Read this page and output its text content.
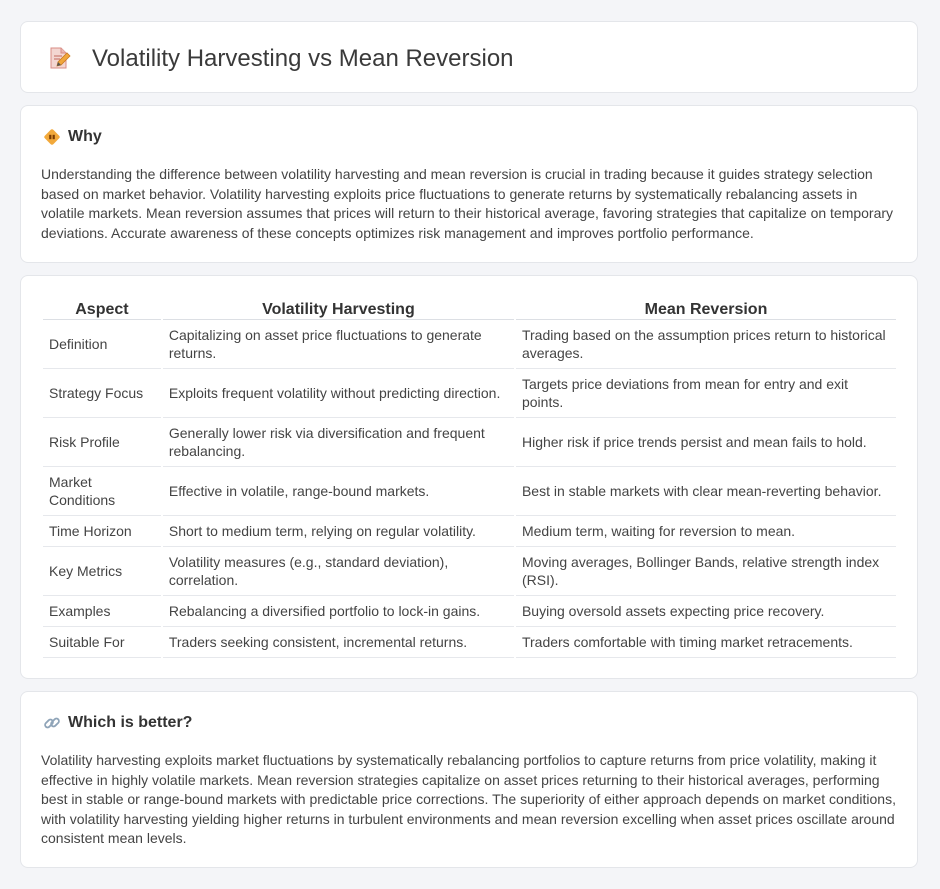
Volatility Harvesting vs Mean Reversion
Why

Understanding the difference between volatility harvesting and mean reversion is crucial in trading because it guides strategy selection based on market behavior. Volatility harvesting exploits price fluctuations to generate returns by systematically rebalancing assets in volatile markets. Mean reversion assumes that prices will return to their historical average, favoring strategies that capitalize on temporary deviations. Accurate awareness of these concepts optimizes risk management and improves portfolio performance.

Aspect	Volatility Harvesting	Mean Reversion
Definition	Capitalizing on asset price fluctuations to generate returns.	Trading based on the assumption prices return to historical averages.
Strategy Focus	Exploits frequent volatility without predicting direction.	Targets price deviations from mean for entry and exit points.
Risk Profile	Generally lower risk via diversification and frequent rebalancing.	Higher risk if price trends persist and mean fails to hold.
Market Conditions	Effective in volatile, range-bound markets.	Best in stable markets with clear mean-reverting behavior.
Time Horizon	Short to medium term, relying on regular volatility.	Medium term, waiting for reversion to mean.
Key Metrics	Volatility measures (e.g., standard deviation), correlation.	Moving averages, Bollinger Bands, relative strength index (RSI).
Examples	Rebalancing a diversified portfolio to lock-in gains.	Buying oversold assets expecting price recovery.
Suitable For	Traders seeking consistent, incremental returns.	Traders comfortable with timing market retracements.
Which is better?

Volatility harvesting exploits market fluctuations by systematically rebalancing portfolios to capture returns from price volatility, making it effective in highly volatile markets. Mean reversion strategies capitalize on asset prices returning to their historical averages, performing best in stable or range-bound markets with predictable price corrections. The superiority of either approach depends on market conditions, with volatility harvesting yielding higher returns in turbulent environments and mean reversion excelling when asset prices oscillate around consistent mean levels.
